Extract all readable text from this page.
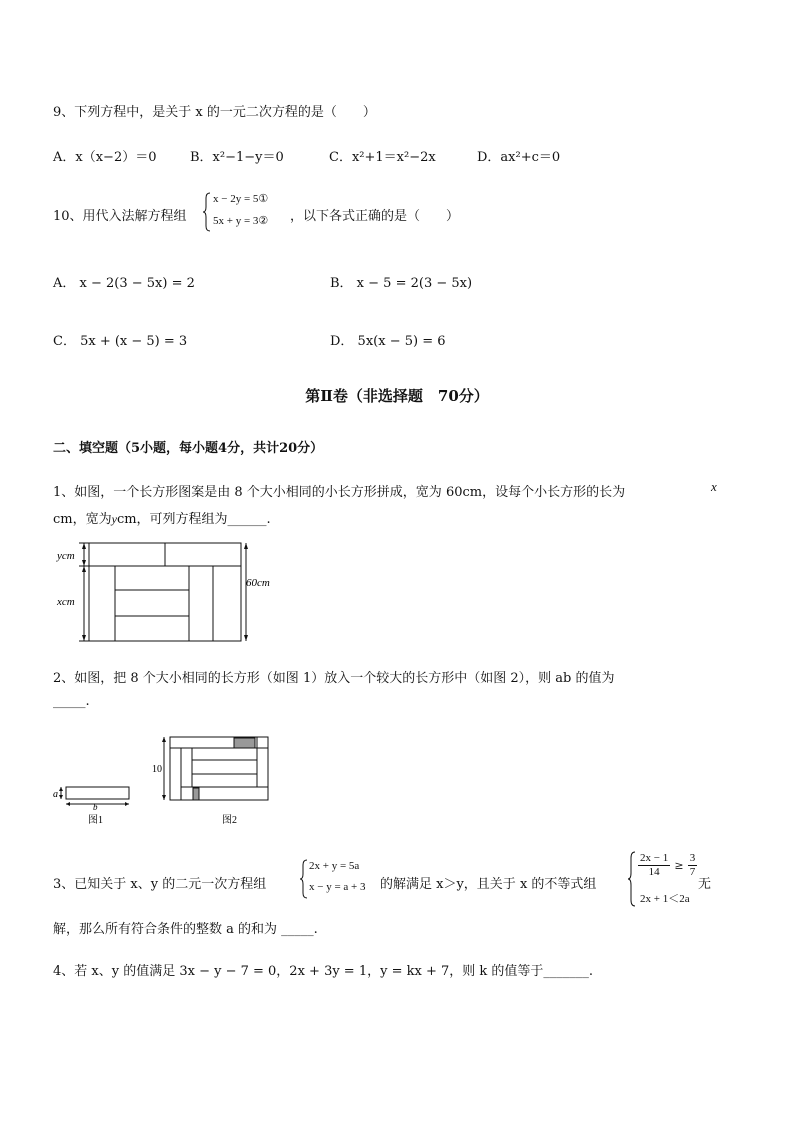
9、下列方程中，是关于 x 的一元二次方程的是（　　）
A．x（x−2）＝0	B．x²−1−y＝0	C．x²+1＝x²−2x	D．ax²+c＝0
10、用代入法解方程组
x − 2y = 5①
5x + y = 3② ，以下各式正确的是（　　）
A． x − 2(3 − 5x) = 2	B． x − 5 = 2(3 − 5x)
C． 5x + (x − 5) = 3	D． 5x(x − 5) = 6
第Ⅱ卷（非选择题　70分）
二、填空题（5小题，每小题4分，共计20分）
1、如图，一个长方形图案是由 8 个大小相同的小长方形拼成，宽为 60cm，设每个小长方形的长为	x
cm，宽为ycm，可列方程组为______.
ycm
xcm
60cm
2、如图，把 8 个大小相同的长方形（如图 1）放入一个较大的长方形中（如图 2），则 ab 的值为
_____.
a
b
图1
10
图2
3、已知关于 x、y 的二元一次方程组
2x + y = 5a
x − y = a + 3 的解满足 x＞y，且关于 x 的不等式组
$\frac{2x - 1}{14} \ge \frac{3}{7}$
2x + 1＜2a
无
解，那么所有符合条件的整数 a 的和为 _____.
4、若 x、y 的值满足 3x − y − 7 = 0，2x + 3y = 1，y = kx + 7，则 k 的值等于_______.
